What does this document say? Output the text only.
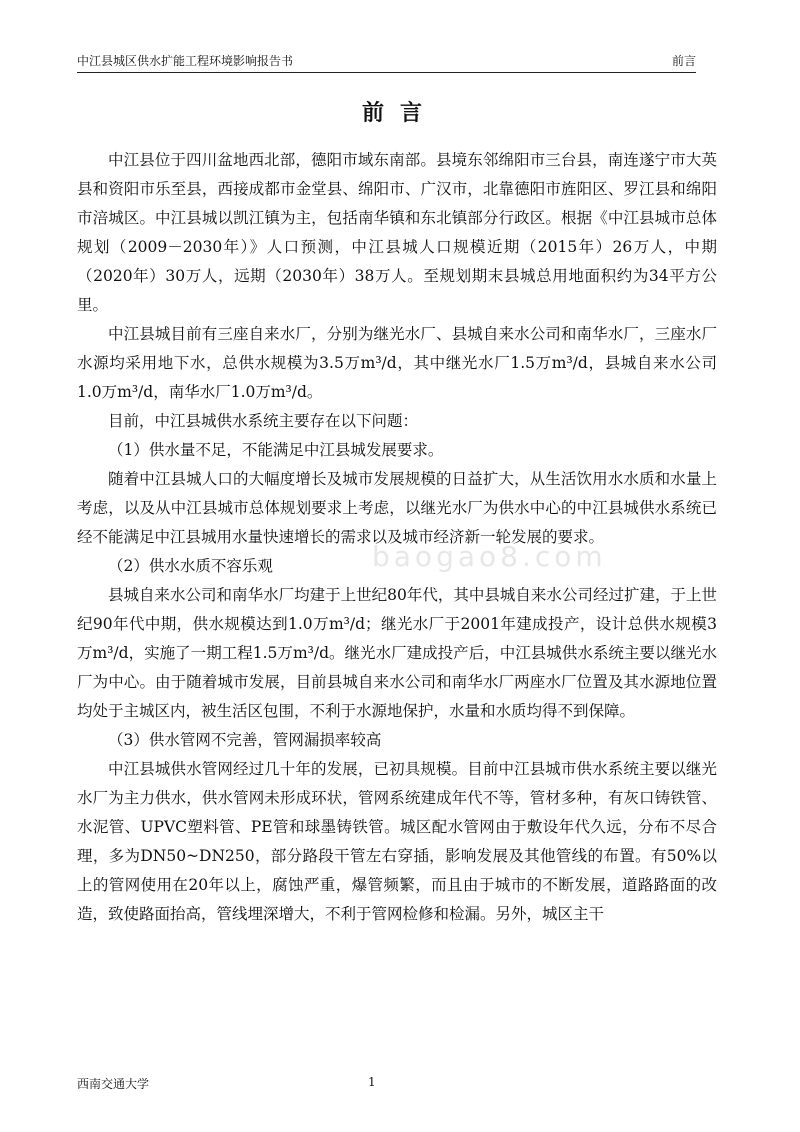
中江县城区供水扩能工程环境影响报告书	前言
前言
baogao8.com

中江县位于四川盆地西北部，德阳市域东南部。县境东邻绵阳市三台县，南连遂宁市大英县和资阳市乐至县，西接成都市金堂县、绵阳市、广汉市，北靠德阳市旌阳区、罗江县和绵阳市涪城区。中江县城以凯江镇为主，包括南华镇和东北镇部分行政区。根据《中江县城市总体规划（2009－2030年）》人口预测，中江县城人口规模近期（2015年）26万人，中期（2020年）30万人，远期（2030年）38万人。至规划期末县城总用地面积约为34平方公里。

中江县城目前有三座自来水厂，分别为继光水厂、县城自来水公司和南华水厂，三座水厂水源均采用地下水，总供水规模为3.5万m³/d，其中继光水厂1.5万m³/d，县城自来水公司1.0万m³/d，南华水厂1.0万m³/d。

目前，中江县城供水系统主要存在以下问题：

（1）供水量不足，不能满足中江县城发展要求。

随着中江县城人口的大幅度增长及城市发展规模的日益扩大，从生活饮用水水质和水量上考虑，以及从中江县城市总体规划要求上考虑，以继光水厂为供水中心的中江县城供水系统已经不能满足中江县城用水量快速增长的需求以及城市经济新一轮发展的要求。

（2）供水水质不容乐观

县城自来水公司和南华水厂均建于上世纪80年代，其中县城自来水公司经过扩建，于上世纪90年代中期，供水规模达到1.0万m³/d；继光水厂于2001年建成投产，设计总供水规模3万m³/d，实施了一期工程1.5万m³/d。继光水厂建成投产后，中江县城供水系统主要以继光水厂为中心。由于随着城市发展，目前县城自来水公司和南华水厂两座水厂位置及其水源地位置均处于主城区内，被生活区包围，不利于水源地保护，水量和水质均得不到保障。

（3）供水管网不完善，管网漏损率较高

中江县城供水管网经过几十年的发展，已初具规模。目前中江县城市供水系统主要以继光水厂为主力供水，供水管网未形成环状，管网系统建成年代不等，管材多种，有灰口铸铁管、水泥管、UPVC塑料管、PE管和球墨铸铁管。城区配水管网由于敷设年代久远，分布不尽合理，多为DN50~DN250，部分路段干管左右穿插，影响发展及其他管线的布置。有50%以上的管网使用在20年以上，腐蚀严重，爆管频繁，而且由于城市的不断发展，道路路面的改造，致使路面抬高，管线埋深增大，不利于管网检修和检漏。另外，城区主干

西南交通大学	1
